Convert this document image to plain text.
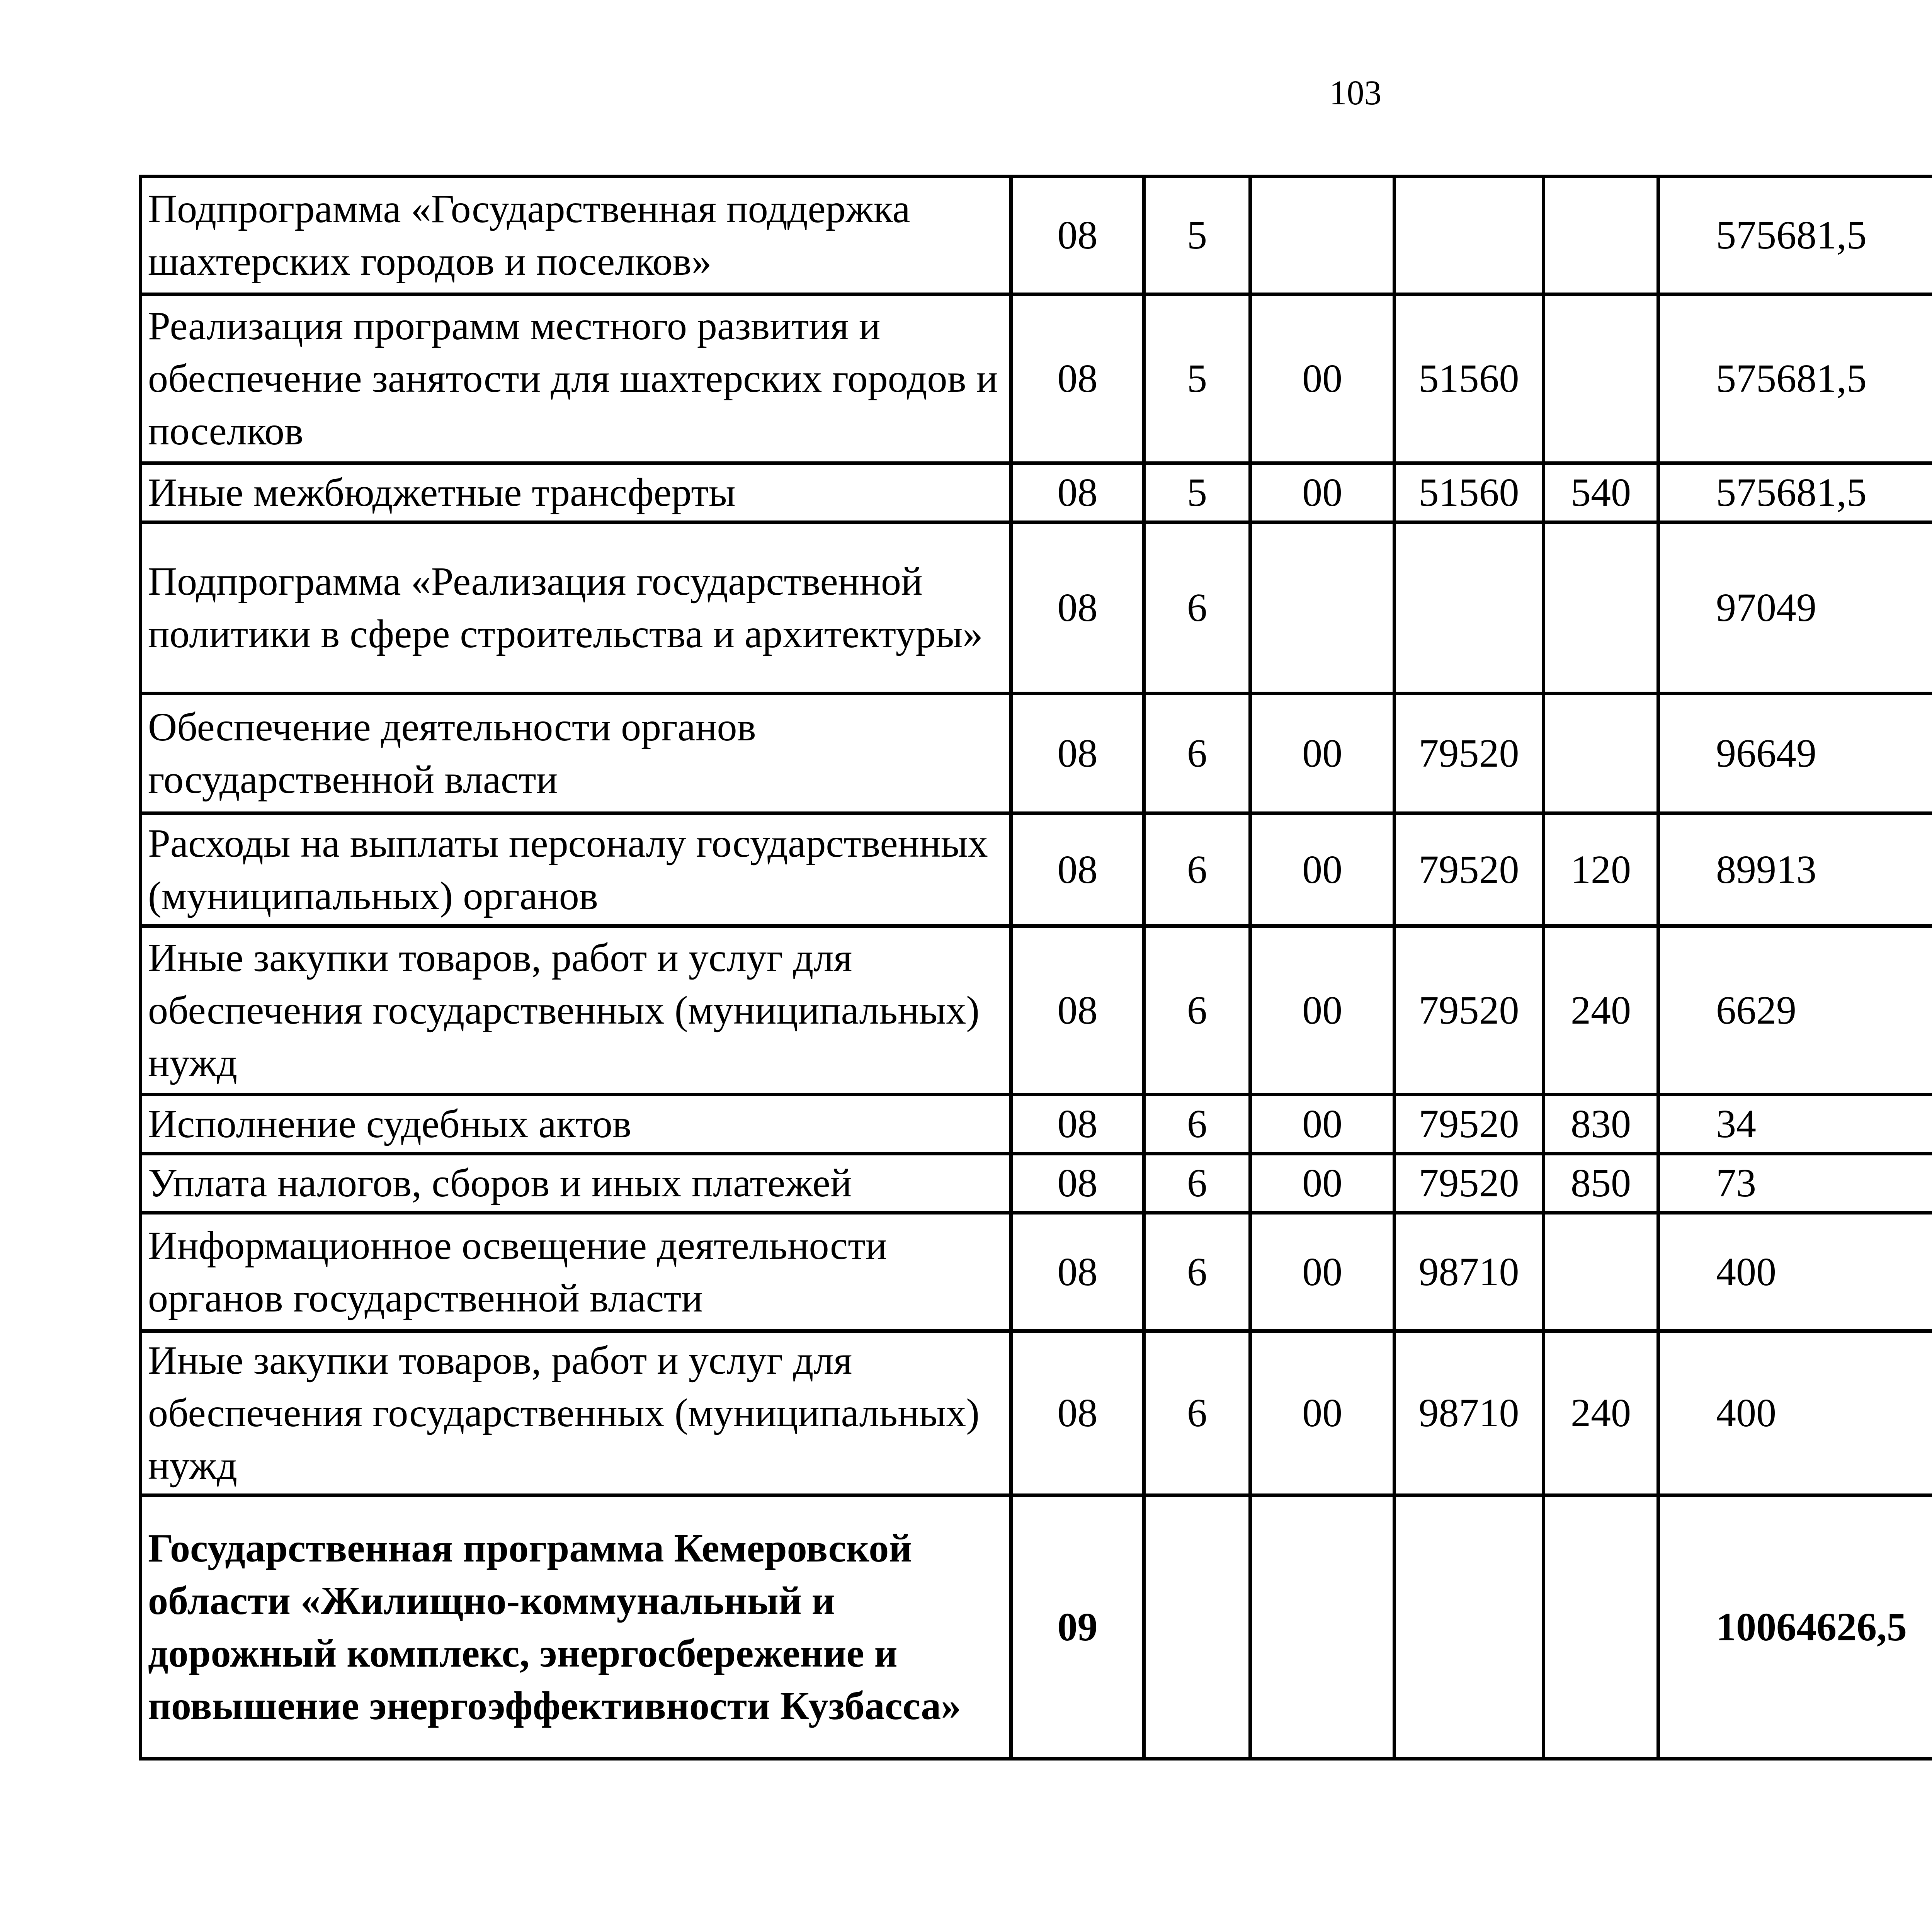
103
Подпрограмма «Государственная поддержка шахтерских городов и поселков»	08	5				575681,5		
Реализация программ местного развития и обеспечение занятости для шахтерских городов и поселков	08	5	00	51560		575681,5		
Иные межбюджетные трансферты	08	5	00	51560	540	575681,5		
Подпрограмма «Реализация государственной политики в сфере строительства и архитектуры»	08	6				97049		
Обеспечение деятельности органов государственной власти	08	6	00	79520		96649		
Расходы на выплаты персоналу государственных (муниципальных) органов	08	6	00	79520	120	89913		
Иные закупки товаров, работ и услуг для обеспечения государственных (муниципальных) нужд	08	6	00	79520	240	6629		
Исполнение судебных актов	08	6	00	79520	830	34		
Уплата налогов, сборов и иных платежей	08	6	00	79520	850	73		
Информационное освещение деятельности органов государственной власти	08	6	00	98710		400		
Иные закупки товаров, работ и услуг для обеспечения государственных (муниципальных) нужд	08	6	00	98710	240	400		
Государственная программа Кемеровской области «Жилищно-коммунальный и дорожный комплекс, энергосбережение и повышение энергоэффективности Кузбасса»	09					10064626,5		
